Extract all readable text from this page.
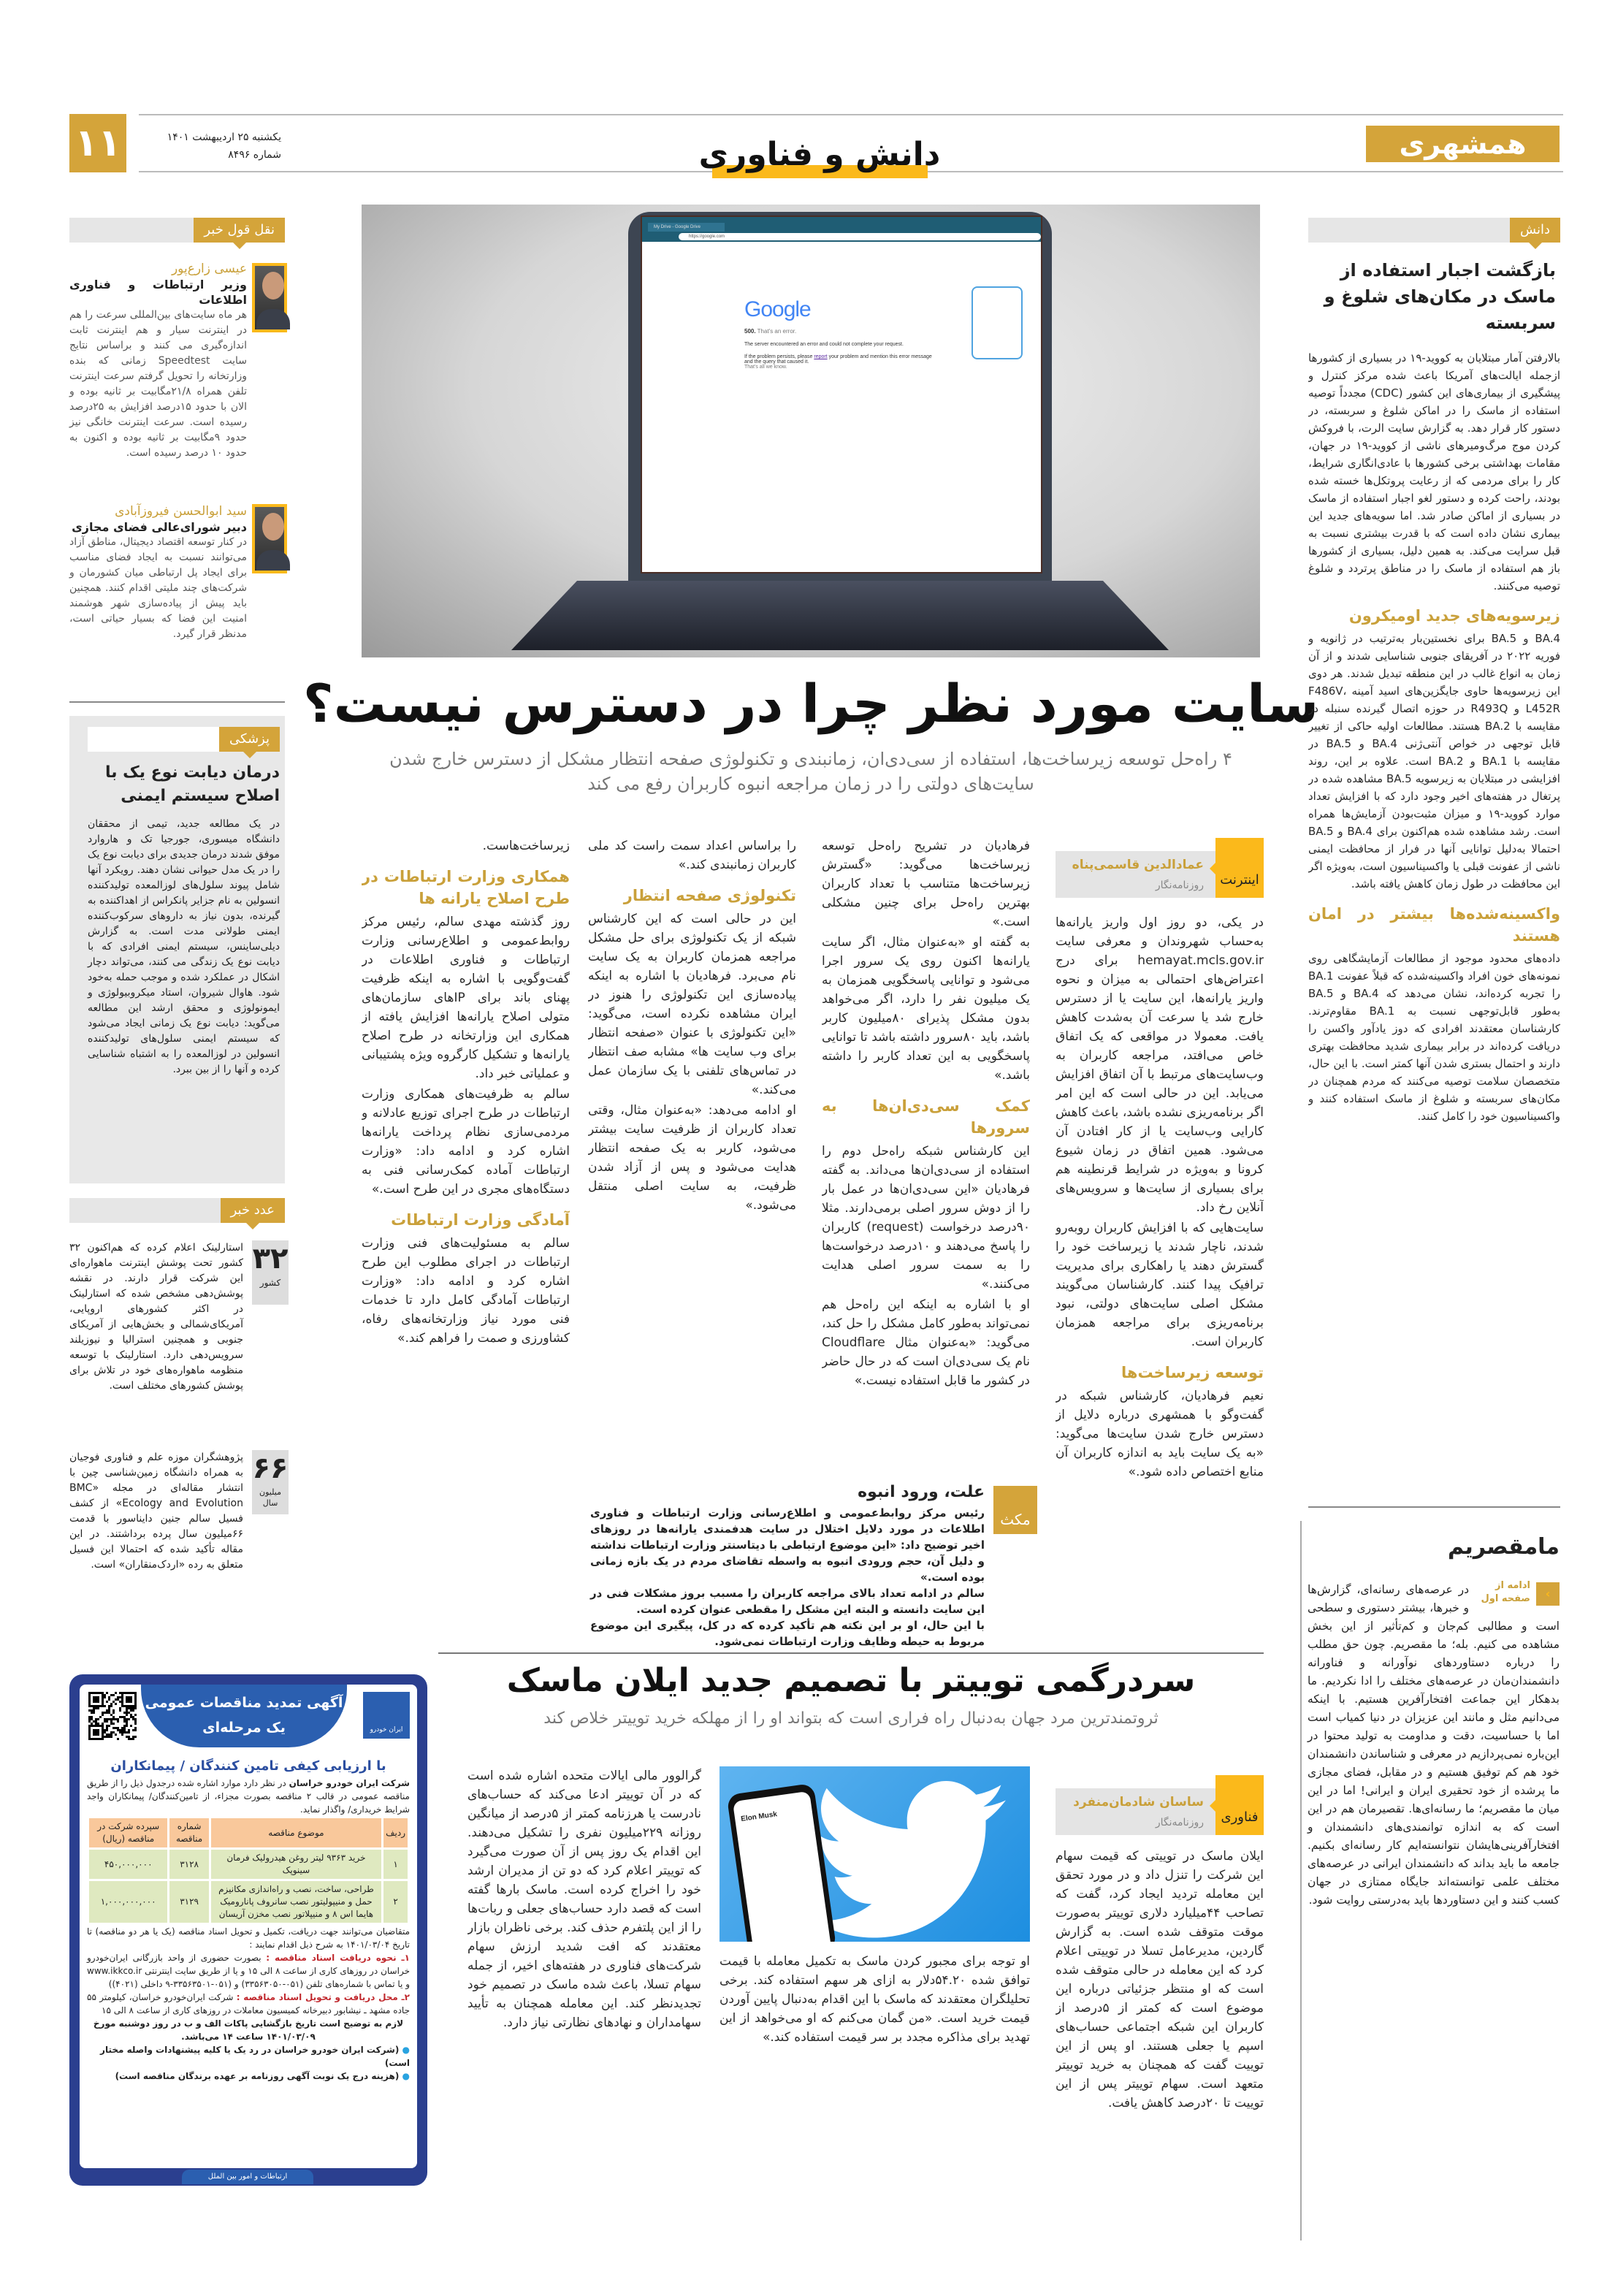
۱۱	یکشنبه ۲۵ اردیبهشت ۱۴۰۱
شماره ۸۴۹۶	دانش و فناوری	همشهری
My Drive - Google Drive
https://google.com
Google
500. That's an error.
The server encountered an error and could not complete your request.
If the problem persists, please report your problem and mention this error message and the query that caused it.
That's all we know.
سایت مورد نظر چرا در دسترس نیست؟
۴ راه‌حل توسعه زیرساخت‌ها، استفاده از سی‌دی‌ان، زمانبندی و تکنولوژی صفحه انتظار مشکل از دسترس خارج شدن سایت‌های دولتی را در زمان مراجعه انبوه کاربران رفع می کند
اینترنت
عمادالدین قاسمی‌پناه
روزنامه‌نگار

در یکی، دو روز اول واریز یارانه‌ها به‌حساب شهروندان و معرفی سایت hemayat.mcls.gov.ir برای درج اعتراض‌های احتمالی به میزان و نحوه واریز یارانه‌ها، این سایت یا از دسترس خارج شد یا سرعت آن به‌شدت کاهش یافت. معمولا در مواقعی که یک اتفاق خاص می‌افتد، مراجعه کاربران به وب‌سایت‌های مرتبط با آن اتفاق افزایش می‌یابد. این در حالی است که این امر اگر برنامه‌ریزی نشده باشد، باعث کاهش کارایی وب‌سایت یا از کار افتادن آن می‌شود. همین اتفاق در زمان شیوع کرونا و به‌ویژه در شرایط قرنطینه هم برای بسیاری از سایت‌ها و سرویس‌های آنلاین رخ داد.

سایت‌هایی که با افزایش کاربران رو‌به‌رو شدند، ناچار شدند یا زیرساخت خود را گسترش دهند یا راهکاری برای مدیریت ترافیک پیدا کنند. کارشناسان می‌گویند مشکل اصلی سایت‌های دولتی، نبود برنامه‌ریزی برای مراجعه همزمان کاربران است.

توسعه زیرساخت‌ها

نعیم فرهادیان، کارشناس شبکه در گفت‌وگو با همشهری درباره دلایل از دسترس خارج شدن سایت‌ها می‌گوید: «به یک سایت باید به اندازه کاربران آن منابع اختصاص داده شود.»

فرهادیان در تشریح راه‌حل توسعه زیرساخت‌ها می‌گوید: «گسترش زیرساخت‌ها متناسب با تعداد کاربران بهترین راه‌حل برای چنین مشکلی است.»

به گفته او «به‌عنوان مثال، اگر سایت یارانه‌ها اکنون روی یک سرور اجرا می‌شود و توانایی پاسخگویی همزمان به یک میلیون نفر را دارد، اگر می‌خواهد بدون مشکل پذیرای ۸۰میلیون کاربر باشد، باید ۸۰سرور داشته باشد تا توانایی پاسخگویی به این تعداد کاربر را داشته باشد.»

کمک سی‌دی‌ان‌ها به سرورها

این کارشناس شبکه راه‌حل دوم را استفاده از سی‌دی‌ان‌ها می‌داند. به گفته فرهادیان «این سی‌دی‌ان‌ها در عمل بار را از دوش سرور اصلی برمی‌دارند. مثلا ۹۰درصد درخواست (request) کاربران را پاسخ می‌دهند و ۱۰درصد درخواست‌ها را به سمت سرور اصلی هدایت می‌کنند.»

او با اشاره به اینکه این راه‌حل هم نمی‌تواند به‌طور کامل مشکل را حل کند، می‌گوید: «به‌عنوان مثال Cloudflare نام یک سی‌دی‌ان است که در حال حاضر در کشور ما قابل استفاده نیست.»

را براساس اعداد سمت راست کد ملی کاربران زمانبندی کند.»

تکنولوژی صفحه انتظار

این در حالی است که این کارشناس شبکه از یک تکنولوژی برای حل مشکل مراجعه همزمان کاربران به یک سایت نام می‌برد. فرهادیان با اشاره به اینکه پیاده‌سازی این تکنولوژی را هنوز در ایران مشاهده نکرده است، می‌گوید: «این تکنولوژی با عنوان «صفحه انتظار برای وب سایت ها» مشابه صف انتظار در تماس‌های تلفنی با یک سازمان عمل می‌کند.»

او ادامه می‌دهد: «به‌عنوان مثال، وقتی تعداد کاربران از ظرفیت سایت بیشتر می‌شود، کاربر به یک صفحه انتظار هدایت می‌شود و پس از آزاد شدن ظرفیت، به سایت اصلی منتقل می‌شود.»

زیرساخت‌هاست.

همکاری وزارت ارتباطات در طرح اصلاح یارانه ها

روز گذشته مهدی سالم، رئیس مرکز روابط‌عمومی و اطلاع‌رسانی وزارت ارتباطات و فناوری اطلاعات در گفت‌وگویی با اشاره به اینکه ظرفیت پهنای باند برای IPهای سازمان‌های متولی اصلاح یارانه‌ها افزایش یافته از همکاری این وزارتخانه در طرح اصلاح یارانه‌ها و تشکیل کارگروه ویژه پشتیبانی و عملیاتی خبر داد.

سالم به ظرفیت‌های همکاری وزارت ارتباطات در طرح اجرای توزیع عادلانه و مردمی‌سازی نظام پرداخت یارانه‌ها اشاره کرد و ادامه داد: «وزارت ارتباطات آماده کمک‌رسانی فنی به دستگاه‌های مجری در این طرح است.»

آمادگی وزارت ارتباطات

سالم به مسئولیت‌های فنی وزارت ارتباطات در اجرای مطلوب این طرح اشاره کرد و ادامه داد: «وزارت ارتباطات آمادگی کامل دارد تا خدمات فنی مورد نیاز وزارتخانه‌های رفاه، کشاورزی و صمت را فراهم کند.»

مکث
علت، ورود انبوه
رئیس مرکز روابط‌عمومی و اطلاع‌رسانی وزارت ارتباطات و فناوری اطلاعات در مورد دلایل اختلال در سایت هدفمندی یارانه‌ها در روزهای اخیر توضیح داد: «این موضوع ارتباطی با دیتاسنتر وزارت ارتباطات نداشته و دلیل آن، حجم ورودی انبوه به واسطه تقاضای مردم در یک بازه زمانی بوده است.»
سالم در ادامه تعداد بالای مراجعه کاربران را مسبب بروز مشکلات فنی در این سایت دانسته و البته این مشکل را مقطعی عنوان کرده است.
با این حال، او بر این نکته هم تأکید کرده که در کل، پیگیری این موضوع مربوط به حیطه وظایف وزارت ارتباطات نمی‌شود.
سردرگمی توییتر با تصمیم جدید ایلان ماسک
ثروتمندترین مرد جهان به‌دنبال راه فراری است که بتواند او را از مهلکه خرید توییتر خلاص کند
فناوری
ساسان شادمان‌منفرد
روزنامه‌نگار
Elon Musk

ایلان ماسک در توییتی که قیمت سهام این شرکت را تنزل داد و در مورد تحقق این معامله تردید ایجاد کرد، گفت که تصاحب ۴۴میلیارد دلاری توییتر به‌صورت موقت متوقف شده است. به گزارش گاردین، مدیرعامل تسلا در توییتی اعلام کرد که این معامله در حالی متوقف شده است که او منتظر جزئیاتی درباره این موضوع است که کمتر از ۵درصد از کاربران این شبکه اجتماعی حساب‌های اسپم یا جعلی هستند. او پس از این توییت گفت که همچنان به خرید توییتر متعهد است. سهام توییتر پس از این توییت تا ۲۰درصد کاهش یافت.

او توجه برای مجبور کردن ماسک به تکمیل معامله با قیمت توافق شده ۵۴.۲۰دلار به ازای هر سهم استفاده کند. برخی تحلیلگران معتقدند که ماسک با این اقدام به‌دنبال پایین آوردن قیمت خرید است. «من گمان می‌کنم که او می‌خواهد از این تهدید برای مذاکره مجدد بر سر قیمت استفاده کند.»

گرالوور مالی ایالات متحده اشاره شده است که در آن توییتر ادعا می‌کند که حساب‌های نادرست یا هرزنامه کمتر از ۵درصد از میانگین روزانه ۲۲۹میلیون نفری را تشکیل می‌دهند. این اقدام یک روز پس از آن صورت می‌گیرد که توییتر اعلام کرد که دو تن از مدیران ارشد خود را اخراج کرده است. ماسک بارها گفته است که قصد دارد حساب‌های جعلی و ربات‌ها را از این پلتفرم حذف کند. برخی ناظران بازار معتقدند که افت شدید ارزش سهام شرکت‌های فناوری در هفته‌های اخیر، از جمله سهام تسلا، باعث شده ماسک در تصمیم خود تجدیدنظر کند. این معامله همچنان به تأیید سهامداران و نهادهای نظارتی نیاز دارد.

نقل قول خبر
عیسی زارع‌پور
وزیر ارتباطات و فناوری اطلاعات
هر ماه سایت‌های بین‌المللی سرعت را هم در اینترنت سیار و هم اینترنت ثابت اندازه‌گیری می کنند و براساس نتایج سایت Speedtest زمانی که بنده وزارتخانه را تحویل گرفتم سرعت اینترنت تلفن همراه ۲۱/۸مگابیت بر ثانیه بوده و الان با حدود ۱۵درصد افزایش به ۲۵درصد رسیده است. سرعت اینترنت خانگی نیز حدود ۹مگابیت بر ثانیه بوده و اکنون به حدود ۱۰ درصد رسیده است.
سید ابوالحسن فیروزآبادی
دبیر شورای‌عالی فضای مجازی
در کنار توسعه اقتصاد دیجیتال، مناطق آزاد می‌توانند نسبت به ایجاد فضای مناسب برای ایجاد پل ارتباطی میان کشورمان و شرکت‌های چند ملیتی اقدام کنند. همچنین باید پیش از پیاده‌سازی شهر هوشمند امنیت این فضا که بسیار حیاتی است، مدنظر قرار گیرد.
پزشکی
درمان دیابت نوع یک با اصلاح سیستم ایمنی
در یک مطالعه جدید، تیمی از محققان دانشگاه میسوری، جورجیا تک و هاروارد موفق شدند درمان جدیدی برای دیابت نوع یک را در یک مدل حیوانی نشان دهند. رویکرد آنها شامل پیوند سلول‌های لوزالمعده تولیدکننده انسولین به نام جزایر پانکراس از اهداکننده به گیرنده، بدون نیاز به داروهای سرکوب‌کننده ایمنی طولانی مدت است. به گزارش دیلی‌ساینس، سیستم ایمنی افرادی که با دیابت نوع یک زندگی می کنند، می‌تواند دچار اشکال در عملکرد شده و موجب حمله به‌خود شود. هاوال شیروان، استاد میکروبیولوژی و ایمونولوژی و محقق ارشد این مطالعه می‌گوید: دیابت نوع یک زمانی ایجاد می‌شود که سیستم ایمنی سلول‌های تولیدکننده انسولین در لوزالمعده را به اشتباه شناسایی کرده و آنها را از بین ببرد.
عدد خبر
۳۲
کشور
استارلینک اعلام کرده که هم‌اکنون ۳۲ کشور تحت پوشش اینترنت ماهواره‌ای این شرکت قرار دارند. در نقشه پوشش‌دهی مشخص شده که استارلینک در اکثر کشورهای اروپایی، آمریکای‌شمالی و بخش‌هایی از آمریکای جنوبی و همچنین استرالیا و نیوزیلند سرویس‌دهی دارد. استارلینک با توسعه منظومه ماهواره‌های خود در تلاش برای پوشش کشورهای مختلف است.
۶۶
میلیون سال
پژوهشگران موزه علم و فناوری فوجیان به همراه دانشگاه زمین‌شناسی چین با انتشار مقاله‌ای در مجله «BMC Ecology and Evolution» از کشف فسیل سالم جنین دایناسور با قدمت ۶۶میلیون سال پرده برداشتند. در این مقاله تأکید شده که احتمالا این فسیل متعلق به رده «اردک‌منقاران» است.
آگهی تمدید مناقصات عمومی
یک مرحله‌ای	ایران خودرو
با ارزیابی کیفی تامین کنندگان / پیمانکاران
شرکت ایران خودرو خراسان در نظر دارد موارد اشاره شده درجدول ذیل را از طریق مناقصه عمومی در قالب ۲ مناقصه بصورت مجزاء، از تامین‌کنندگان/ پیمانکاران واجد شرایط خریداری/ واگذار نماید.
ردیف	موضوع مناقصه	شماره مناقصه	سپرده شرکت در مناقصه (ریال)
۱	خرید ۹۳۶۳ لیتر روغن هیدرولیک فرمان سینوپک	۳۱۲۸	۴۵۰,۰۰۰,۰۰۰
۲	طراحی، ساخت، نصب و راه‌اندازی مکانیزم حمل و منیپولیتور نصب سانروف پانارومیک هایما اس ۸ و منیپلاتور نصب مخزن آریسان	۳۱۲۹	۱,۰۰۰,۰۰۰,۰۰۰
متقاضیان می‌توانند جهت دریافت، تکمیل و تحویل اسناد مناقصه (یک یا هر دو مناقصه) تا تاریخ ۱۴۰۱/۰۳/۰۴ به شرح ذیل اقدام نمایند :
۱ـ نحوه دریافت اسناد مناقصه : بصورت حضوری از واحد بازرگانی ایران‌خودرو خراسان در روزهای کاری از ساعت ۸ الی ۱۵ و یا از طریق سایت اینترنتی www.ikkco.ir و یا تماس با شماره‌های تلفن (۰۵۱-۳۳۵۶۳۰۵۰) و (۰۵۱-۳۳۵۶۳۵۰۱-۹ داخلی (۴۰۲۱))
۲ـ محل دریافت و تحویل اسناد مناقصه : شرکت ایران‌خودرو خراسان، کیلومتر ۵۵ جاده مشهد ـ نیشابور دبیرخانه کمیسیون معاملات در روزهای کاری از ساعت ۸ الی ۱۵
لازم به توضیح است تاریخ بازگشایی پاکات الف و ب در روز دوشنبه مورخ ۱۴۰۱/۰۳/۰۹ ساعت ۱۴ می‌باشد.
● (شرکت ایران خودرو خراسان در رد یک یا کلیه پیشنهادات واصله مختار است)
● (هزینه درج یک نوبت آگهی روزنامه بر عهده برندگان مناقصه است)
ارتباطات و امور بین الملل
دانش
بازگشت اجبار استفاده از ماسک در مکان‌های شلوغ و سربسته

بالارفتن آمار مبتلایان به کووید-۱۹ در بسیاری از کشورها ازجمله ایالت‌های آمریکا باعث شده مرکز کنترل و پیشگیری از بیماری‌های این کشور (CDC) مجدداً توصیه استفاده از ماسک را در اماکن شلوغ و سربسته، در دستور کار قرار دهد. به گزارش سایت الرت، با فروکش کردن موج مرگ‌ومیرهای ناشی از کووید-۱۹ در جهان، مقامات بهداشتی برخی کشورها با عادی‌انگاری شرایط، کار را برای مردمی که از رعایت پروتکل‌ها خسته شده بودند، راحت کرده و دستور لغو اجبار استفاده از ماسک در بسیاری از اماکن صادر شد. اما سویه‌های جدید این بیماری نشان داده است که با قدرت بیشتری نسبت به قبل سرایت می‌کند. به همین دلیل، بسیاری از کشورها باز هم استفاده از ماسک را در مناطق پرتردد و شلوغ توصیه می‌کنند.

زیرسویه‌های جدید اومیکرون

BA.4 و BA.5 برای نخستین‌بار به‌ترتیب در ژانویه و فوریه ۲۰۲۲ در آفریقای جنوبی شناسایی شدند و از آن زمان به انواع غالب در این منطقه تبدیل شدند. هر دوی این زیرسویه‌ها حاوی جایگزین‌های اسید آمینه F486V، L452R و R493Q در حوزه اتصال گیرنده سنبله در مقایسه با BA.2 هستند. مطالعات اولیه حاکی از تغییر قابل توجهی در خواص آنتی‌ژنی BA.4 و BA.5 در مقایسه با BA.1 و BA.2 است. علاوه بر این، روند افزایشی در مبتلایان به زیرسویه BA.5 مشاهده شده در پرتغال در هفته‌های اخیر وجود دارد که با افزایش تعداد موارد کووید-۱۹ و میزان مثبت‌بودن آزمایش‌ها همراه است. رشد مشاهده شده هم‌اکنون برای BA.4 و BA.5 احتمالا به‌دلیل توانایی آنها در فرار از محافظت ایمنی ناشی از عفونت قبلی یا واکسیناسیون است، به‌ویژه اگر این محافظت در طول زمان کاهش یافته باشد.

واکسینه‌شده‌ها بیشتر در امان هستند

داده‌های محدود موجود از مطالعات آزمایشگاهی روی نمونه‌های خون افراد واکسینه‌شده که قبلاً عفونت BA.1 را تجربه کرده‌اند، نشان می‌دهد که BA.4 و BA.5 به‌طور قابل‌توجهی نسبت به BA.1 مقاوم‌ترند. کارشناسان معتقدند افرادی که دوز یادآور واکسن را دریافت کرده‌اند در برابر بیماری شدید محافظت بهتری دارند و احتمال بستری شدن آنها کمتر است. با این حال، متخصصان سلامت توصیه می‌کنند که مردم همچنان در مکان‌های سربسته و شلوغ از ماسک استفاده کنند و واکسیناسیون خود را کامل کنند.

مامقصریم
‹
ادامه از صفحه اول
در عرصه‌های رسانه‌ای، گزارش‌ها و خبرها، بیشتر دستوری و سطحی است و مطالبی کم‌جان و کم‌تأثیر از این بخش مشاهده می کنیم. بله؛ ما مقصریم. چون حق مطلب را درباره دستاوردهای نوآورانه و فناورانه دانشمندان‌مان در عرصه‌های مختلف را ادا نکردیم. ما بدهکار این جماعت افتخارآفرین هستیم. با اینکه می‌دانیم مثل و مانند این عزیزان در دنیا کمیاب است اما با حساسیت، دقت و مداومت به تولید محتوا در این‌باره نمی‌پردازیم در معرفی و شناساندن دانشمندان خود هم کم توفیق هستیم و در مقابل، فضای مجازی ما پرشده از خود تحقیری ایران و ایرانی! اما در این میان ما مقصریم؛ ما رسانه‌ای‌ها. تقصیرمان هم در این است که به اندازه توانمندی‌های دانشمندان و افتخارآفرینی‌هایشان نتوانسته‌ایم کار رسانه‌ای بکنیم. جامعه ما باید بداند که دانشمندان ایرانی در عرصه‌های مختلف علمی توانسته‌اند جایگاه ممتازی در جهان کسب کنند و این دستاوردها باید به‌درستی روایت شود.
